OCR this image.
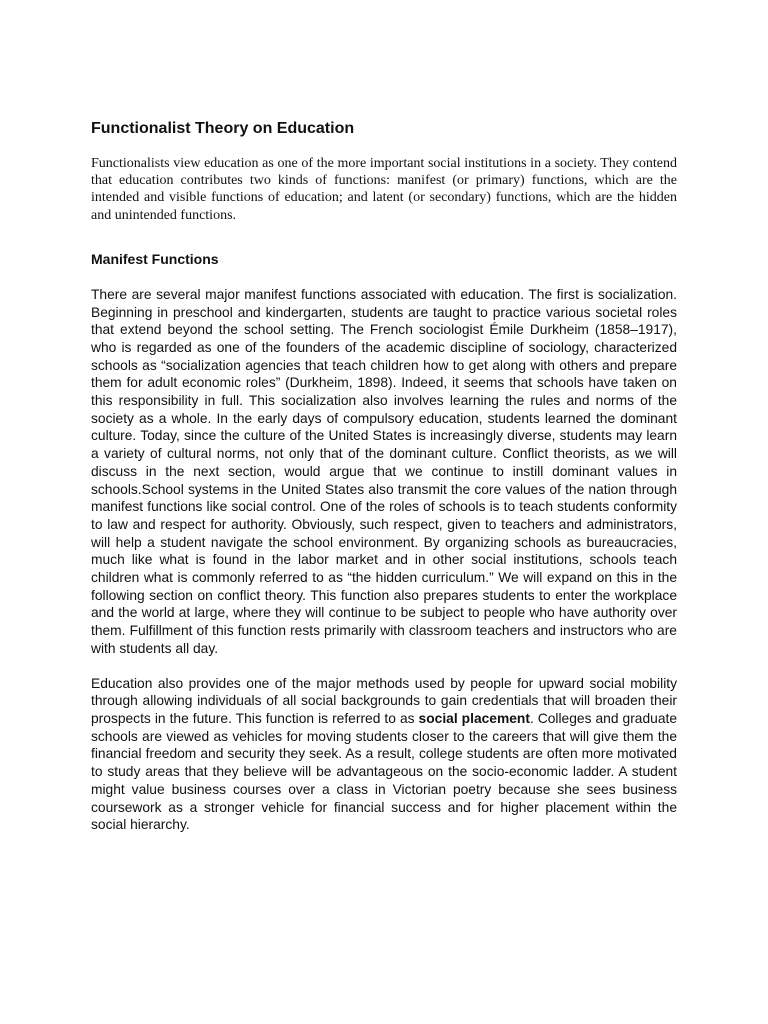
Functionalist Theory on Education

Functionalists view education as one of the more important social institutions in a society. They contend that education contributes two kinds of functions: manifest (or primary) functions, which are the intended and visible functions of education; and latent (or secondary) functions, which are the hidden and unintended functions.

Manifest Functions

There are several major manifest functions associated with education. The first is socialization. Beginning in preschool and kindergarten, students are taught to practice various societal roles that extend beyond the school setting. The French sociologist Émile Durkheim (1858–1917), who is regarded as one of the founders of the academic discipline of sociology, characterized schools as “socialization agencies that teach children how to get along with others and prepare them for adult economic roles” (Durkheim, 1898). Indeed, it seems that schools have taken on this responsibility in full. This socialization also involves learning the rules and norms of the society as a whole. In the early days of compulsory education, students learned the dominant culture. Today, since the culture of the United States is increasingly diverse, students may learn a variety of cultural norms, not only that of the dominant culture. Conflict theorists, as we will discuss in the next section, would argue that we continue to instill dominant values in schools.School systems in the United States also transmit the core values of the nation through manifest functions like social control. One of the roles of schools is to teach students conformity to law and respect for authority. Obviously, such respect, given to teachers and administrators, will help a student navigate the school environment. By organizing schools as bureaucracies, much like what is found in the labor market and in other social institutions, schools teach children what is commonly referred to as “the hidden curriculum.” We will expand on this in the following section on conflict theory. This function also prepares students to enter the workplace and the world at large, where they will continue to be subject to people who have authority over them. Fulfillment of this function rests primarily with classroom teachers and instructors who are with students all day.

Education also provides one of the major methods used by people for upward social mobility through allowing individuals of all social backgrounds to gain credentials that will broaden their prospects in the future. This function is referred to as social placement. Colleges and graduate schools are viewed as vehicles for moving students closer to the careers that will give them the financial freedom and security they seek. As a result, college students are often more motivated to study areas that they believe will be advantageous on the socio-economic ladder. A student might value business courses over a class in Victorian poetry because she sees business coursework as a stronger vehicle for financial success and for higher placement within the social hierarchy.
